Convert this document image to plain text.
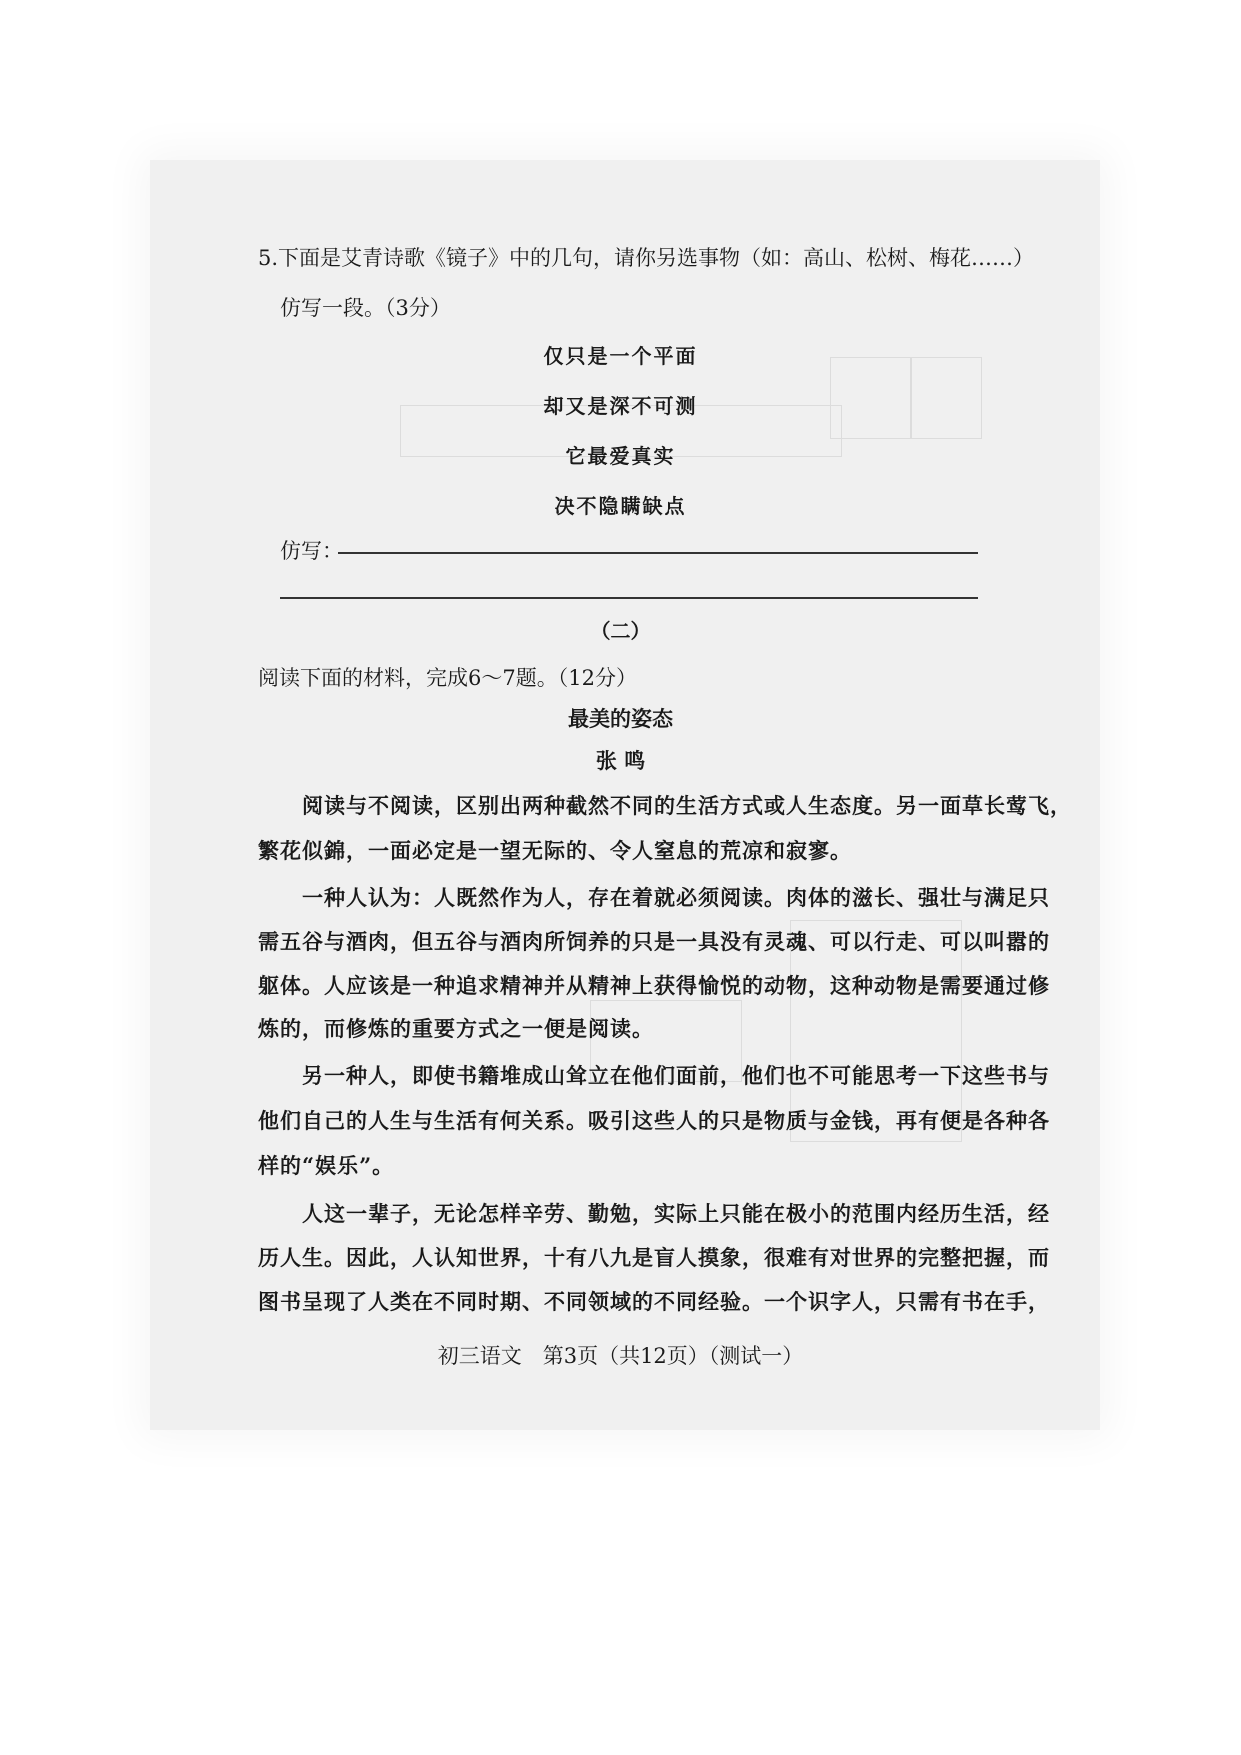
5.下面是艾青诗歌《镜子》中的几句，请你另选事物（如：高山、松树、梅花……）
仿写一段。（3分）
仅只是一个平面
却又是深不可测
它最爱真实
决不隐瞒缺点
仿写：
（二）
阅读下面的材料，完成6～7题。（12分）
最美的姿态
张 鸣
阅读与不阅读，区别出两种截然不同的生活方式或人生态度。另一面草长莺飞，
繁花似錦，一面必定是一望无际的、令人窒息的荒凉和寂寥。
一种人认为：人既然作为人，存在着就必须阅读。肉体的滋长、强壮与满足只
需五谷与酒肉，但五谷与酒肉所饲养的只是一具没有灵魂、可以行走、可以叫嚣的
躯体。人应该是一种追求精神并从精神上获得愉悦的动物，这种动物是需要通过修
炼的，而修炼的重要方式之一便是阅读。
另一种人，即使书籍堆成山耸立在他们面前，他们也不可能思考一下这些书与
他们自己的人生与生活有何关系。吸引这些人的只是物质与金钱，再有便是各种各
样的“娱乐”。
人这一辈子，无论怎样辛劳、勤勉，实际上只能在极小的范围内经历生活，经
历人生。因此，人认知世界，十有八九是盲人摸象，很难有对世界的完整把握，而
图书呈现了人类在不同时期、不同领域的不同经验。一个识字人，只需有书在手，
初三语文　第3页（共12页）（测试一）
